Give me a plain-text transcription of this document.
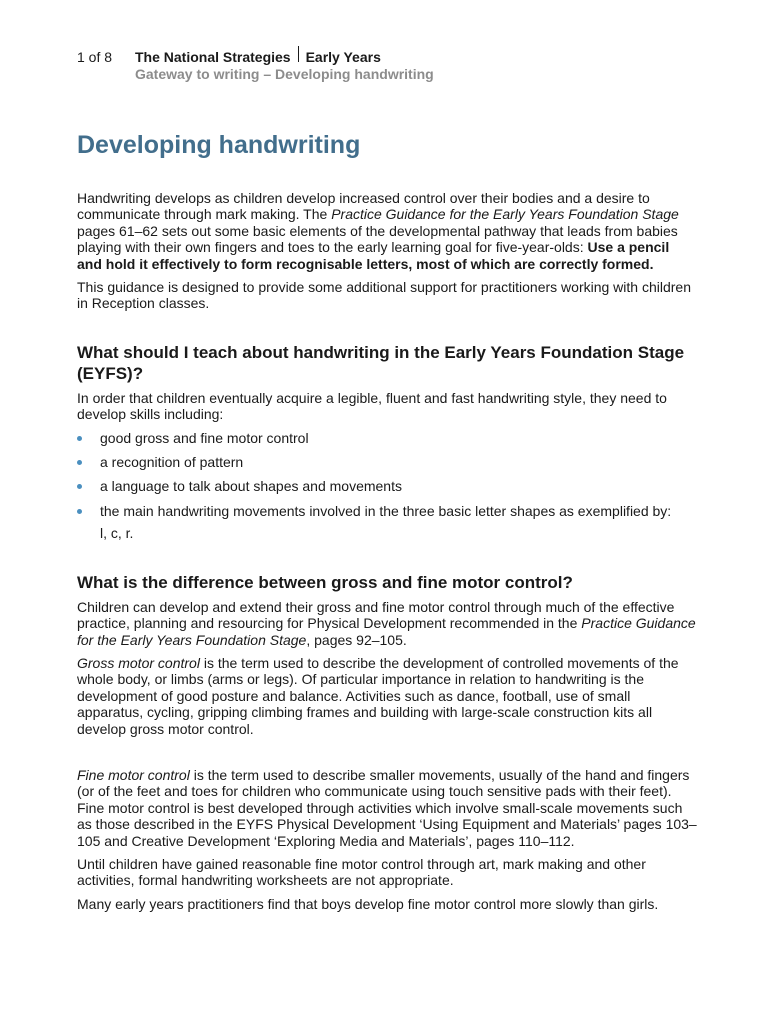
1 of 8	The National Strategies Early Years
Gateway to writing – Developing handwriting
Developing handwriting

Handwriting develops as children develop increased control over their bodies and a desire to communicate through mark making. The Practice Guidance for the Early Years Foundation Stage pages 61–62 sets out some basic elements of the developmental pathway that leads from babies playing with their own fingers and toes to the early learning goal for five-year-olds: Use a pencil and hold it effectively to form recognisable letters, most of which are correctly formed.

This guidance is designed to provide some additional support for practitioners working with children in Reception classes.

What should I teach about handwriting in the Early Years Foundation Stage (EYFS)?

In order that children eventually acquire a legible, fluent and fast handwriting style, they need to develop skills including:

good gross and fine motor control
a recognition of pattern
a language to talk about shapes and movements
the main handwriting movements involved in the three basic letter shapes as exemplified by:
l, c, r.
What is the difference between gross and fine motor control?

Children can develop and extend their gross and fine motor control through much of the effective practice, planning and resourcing for Physical Development recommended in the Practice Guidance for the Early Years Foundation Stage, pages 92–105.

Gross motor control is the term used to describe the development of controlled movements of the whole body, or limbs (arms or legs). Of particular importance in relation to handwriting is the development of good posture and balance. Activities such as dance, football, use of small apparatus, cycling, gripping climbing frames and building with large-scale construction kits all develop gross motor control.

Fine motor control is the term used to describe smaller movements, usually of the hand and fingers (or of the feet and toes for children who communicate using touch sensitive pads with their feet). Fine motor control is best developed through activities which involve small-scale movements such as those described in the EYFS Physical Development ‘Using Equipment and Materials’ pages 103–105 and Creative Development ‘Exploring Media and Materials’, pages 110–112.

Until children have gained reasonable fine motor control through art, mark making and other activities, formal handwriting worksheets are not appropriate.

Many early years practitioners find that boys develop fine motor control more slowly than girls.
